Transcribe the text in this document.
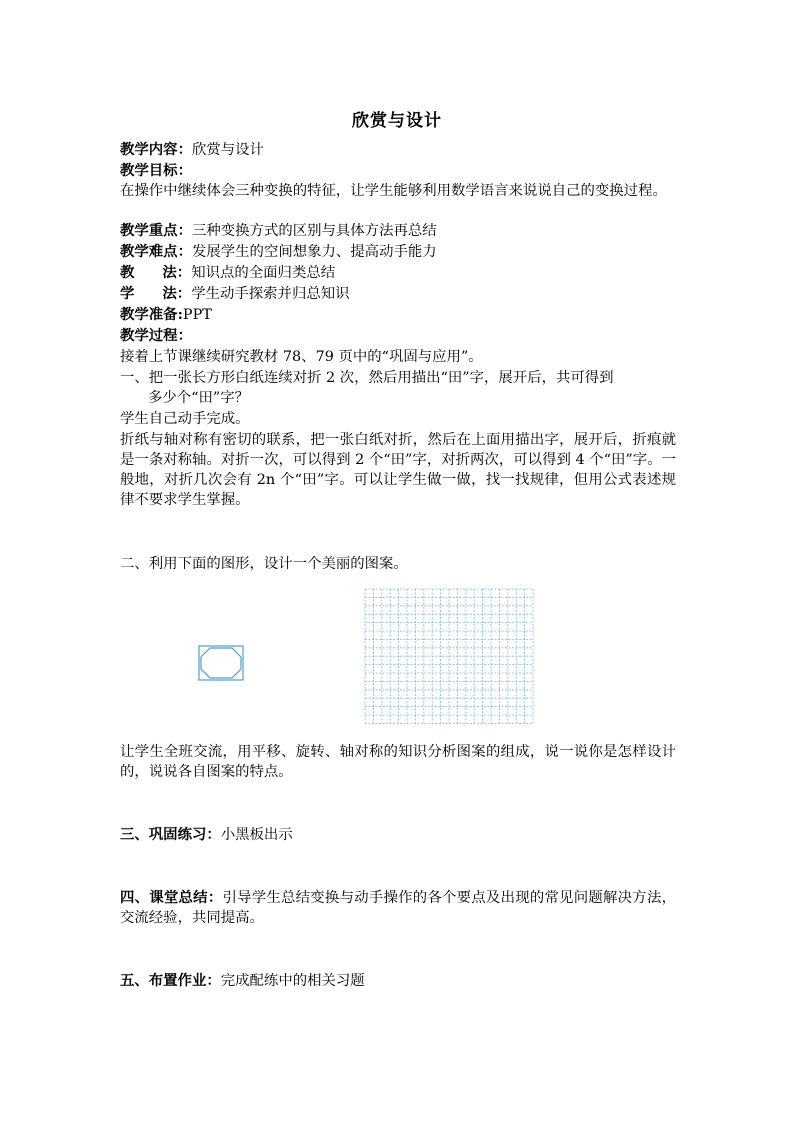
欣赏与设计
教学内容：欣赏与设计
教学目标：
在操作中继续体会三种变换的特征，让学生能够利用数学语言来说说自己的变换过程。
教学重点：三种变换方式的区别与具体方法再总结
教学难点：发展学生的空间想象力、提高动手能力
教 法：知识点的全面归类总结
学 法：学生动手探索并归总知识
教学准备:PPT
教学过程：
接着上节课继续研究教材 78、79 页中的“巩固与应用”。
一、把一张长方形白纸连续对折 2 次，然后用描出“田”字，展开后，共可得到
多少个“田”字？
学生自己动手完成。
折纸与轴对称有密切的联系，把一张白纸对折，然后在上面用描出字，展开后，折痕就是一条对称轴。对折一次，可以得到 2 个“田”字，对折两次，可以得到 4 个“田”字。一般地，对折几次会有 2n 个“田”字。可以让学生做一做，找一找规律，但用公式表述规律不要求学生掌握。
二、利用下面的图形，设计一个美丽的图案。
让学生全班交流，用平移、旋转、轴对称的知识分析图案的组成，说一说你是怎样设计的，说说各自图案的特点。
三、巩固练习：小黑板出示
四、课堂总结：引导学生总结变换与动手操作的各个要点及出现的常见问题解决方法，交流经验，共同提高。
五、布置作业：完成配练中的相关习题
